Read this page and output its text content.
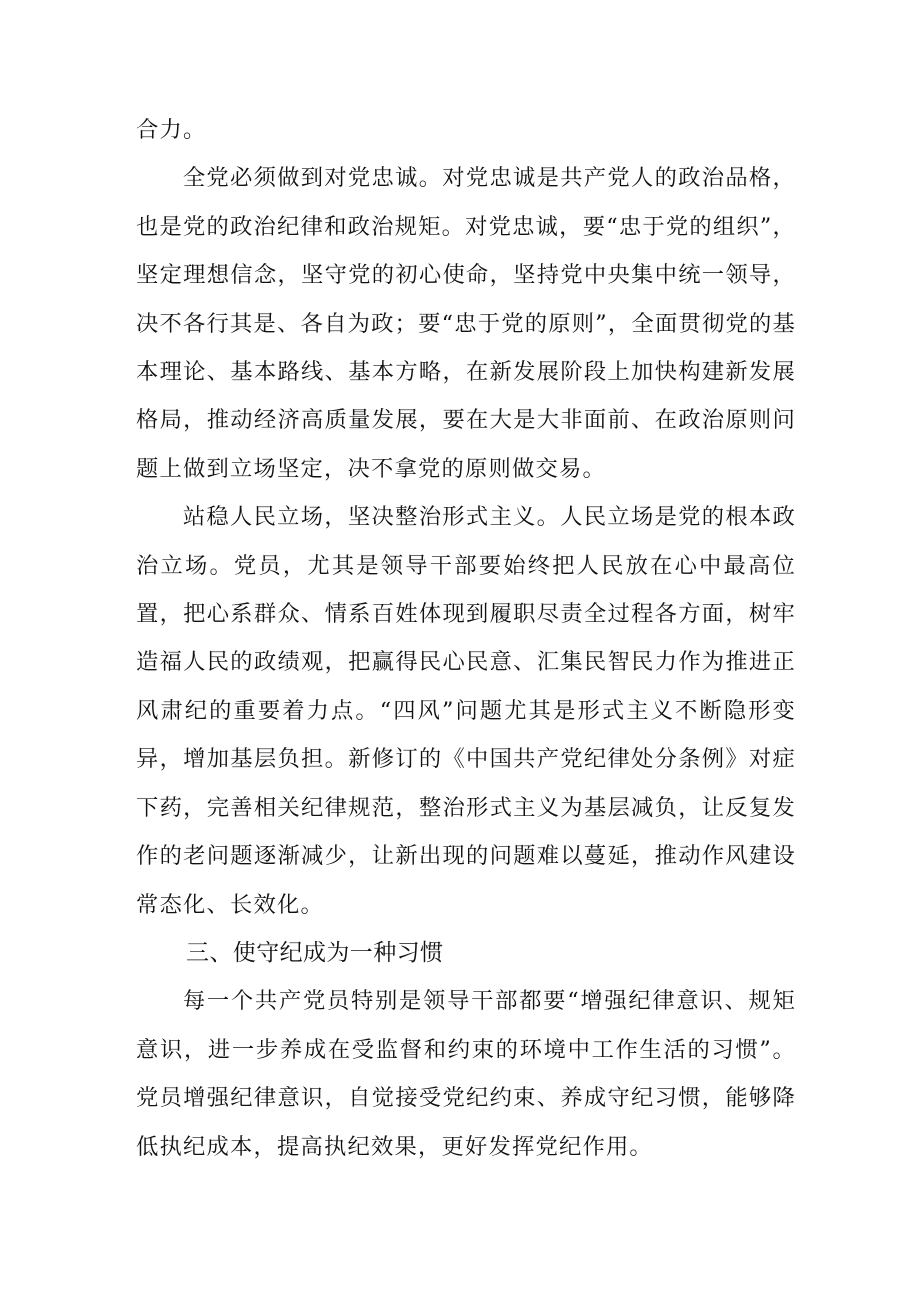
合力。

全党必须做到对党忠诚。对党忠诚是共产党人的政治品格，也是党的政治纪律和政治规矩。对党忠诚，要“忠于党的组织”，坚定理想信念，坚守党的初心使命，坚持党中央集中统一领导，决不各行其是、各自为政；要“忠于党的原则”，全面贯彻党的基本理论、基本路线、基本方略，在新发展阶段上加快构建新发展格局，推动经济高质量发展，要在大是大非面前、在政治原则问题上做到立场坚定，决不拿党的原则做交易。

站稳人民立场，坚决整治形式主义。人民立场是党的根本政治立场。党员，尤其是领导干部要始终把人民放在心中最高位置，把心系群众、情系百姓体现到履职尽责全过程各方面，树牢造福人民的政绩观，把赢得民心民意、汇集民智民力作为推进正风肃纪的重要着力点。“四风”问题尤其是形式主义不断隐形变异，增加基层负担。新修订的《中国共产党纪律处分条例》对症下药，完善相关纪律规范，整治形式主义为基层减负，让反复发作的老问题逐渐减少，让新出现的问题难以蔓延，推动作风建设常态化、长效化。

三、使守纪成为一种习惯

每一个共产党员特别是领导干部都要“增强纪律意识、规矩意识，进一步养成在受监督和约束的环境中工作生活的习惯”。党员增强纪律意识，自觉接受党纪约束、养成守纪习惯，能够降低执纪成本，提高执纪效果，更好发挥党纪作用。
